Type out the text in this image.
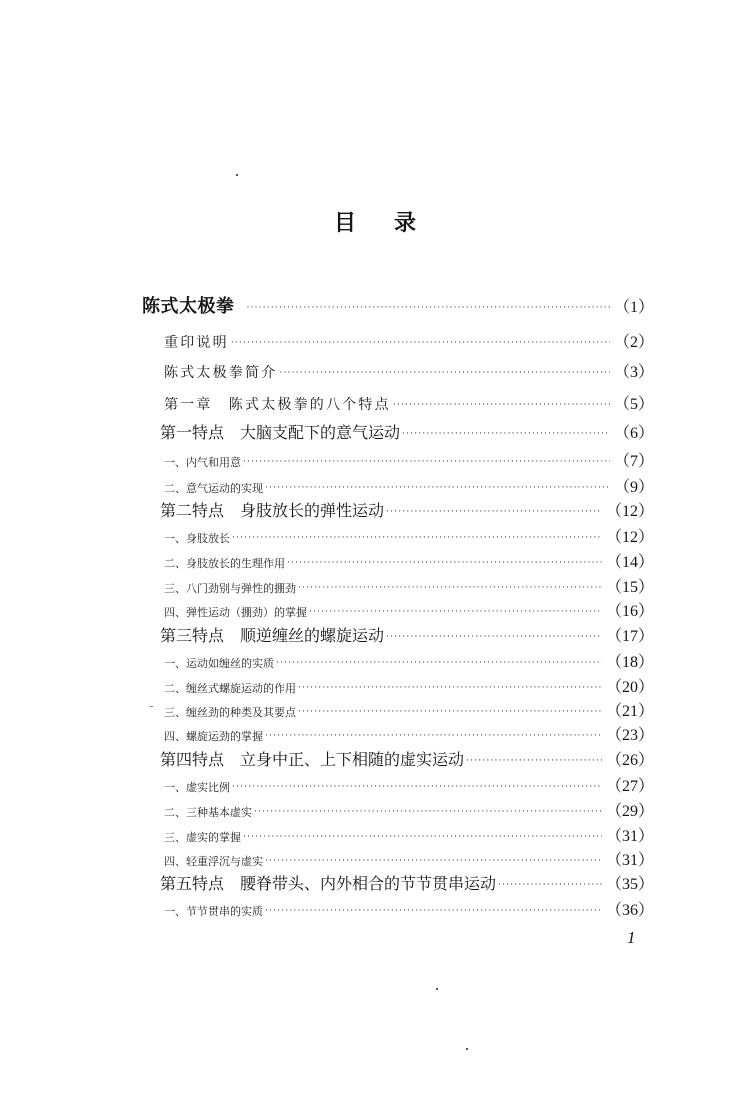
目 录
陈式太极拳 ·····	（1）
重印说明 ·····	（2）
陈式太极拳简介 ·····	（3）
第一章　陈式太极拳的八个特点 ·····	（5）
第一特点 大脑支配下的意气运动 ·····	（6）
一、内气和用意 ·····	（7）
二、意气运动的实现 ·····	（9）
第二特点 身肢放长的弹性运动 ·····	（12）
一、身肢放长 ·····	（12）
二、身肢放长的生理作用 ·····	（14）
三、八门劲别与弹性的掤劲 ·····	（15）
四、弹性运动（掤劲）的掌握 ·····	（16）
第三特点 顺逆缠丝的螺旋运动 ·····	（17）
一、运动如缠丝的实质 ·····	（18）
二、缠丝式螺旋运动的作用 ·····	（20）
三、缠丝劲的种类及其要点 ·····	（21）
四、螺旋运劲的掌握 ·····	（23）
第四特点 立身中正、上下相随的虚实运动 ·····	（26）
一、虚实比例 ·····	（27）
二、三种基本虚实 ·····	（29）
三、虚实的掌握 ·····	（31）
四、轻重浮沉与虚实 ·····	（31）
第五特点 腰脊带头、内外相合的节节贯串运动 ·····	（35）
一、节节贯串的实质 ·····	（36）
1
